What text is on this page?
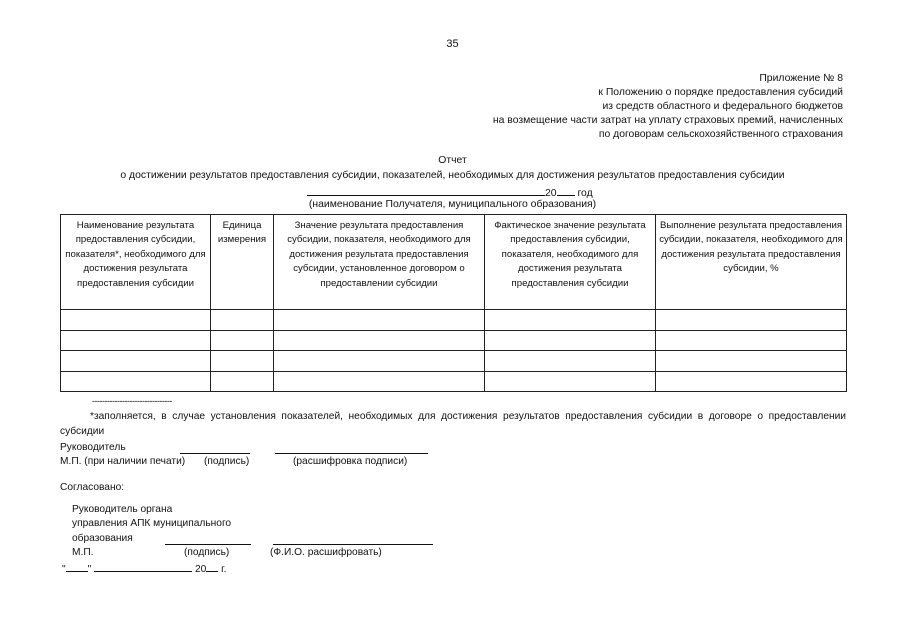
35
Приложение № 8
к Положению о порядке предоставления субсидий
из средств областного и федерального бюджетов
на возмещение части затрат на уплату страховых премий, начисленных
по договорам сельскохозяйственного страхования
Отчет
о достижении результатов предоставления субсидии, показателей, необходимых для достижения результатов предоставления субсидии
20 год
(наименование Получателя, муниципального образования)
Наименование результата предоставления субсидии, показателя*, необходимого для достижения результата предоставления субсидии	Единица измерения	Значение результата предоставления субсидии, показателя, необходимого для достижения результата предоставления субсидии, установленное договором о предоставлении субсидии	Фактическое значение результата предоставления субсидии, показателя, необходимого для достижения результата предоставления субсидии	Выполнение результата предоставления субсидии, показателя, необходимого для достижения результата предоставления субсидии, %

--------------------------------
*заполняется, в случае установления показателей, необходимых для достижения результатов предоставления субсидии в договоре о предоставлении субсидии
Руководитель
М.П. (при наличии печати) (подпись)	(расшифровка подписи)
Согласовано:
Руководитель органа
управления АПК муниципального
образования
М.П.	(подпись)	(Ф.И.О. расшифровать)
" "	20 г.
